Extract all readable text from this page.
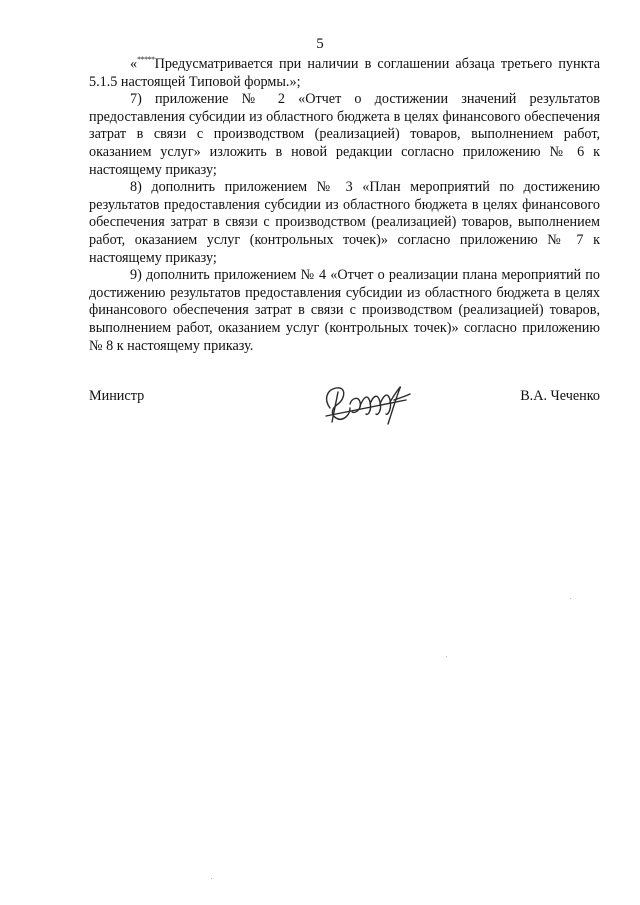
5

«*****Предусматривается при наличии в соглашении абзаца третьего пункта 5.1.5 настоящей Типовой формы.»;

7) приложение № 2 «Отчет о достижении значений результатов предоставления субсидии из областного бюджета в целях финансового обеспечения затрат в связи с производством (реализацией) товаров, выполнением работ, оказанием услуг» изложить в новой редакции согласно приложению № 6 к настоящему приказу;

8) дополнить приложением № 3 «План мероприятий по достижению результатов предоставления субсидии из областного бюджета в целях финансового обеспечения затрат в связи с производством (реализацией) товаров, выполнением работ, оказанием услуг (контрольных точек)» согласно приложению № 7 к настоящему приказу;

9) дополнить приложением № 4 «Отчет о реализации плана мероприятий по достижению результатов предоставления субсидии из областного бюджета в целях финансового обеспечения затрат в связи с производством (реализацией) товаров, выполнением работ, оказанием услуг (контрольных точек)» согласно приложению № 8 к настоящему приказу.

Министр	В.А. Чеченко
